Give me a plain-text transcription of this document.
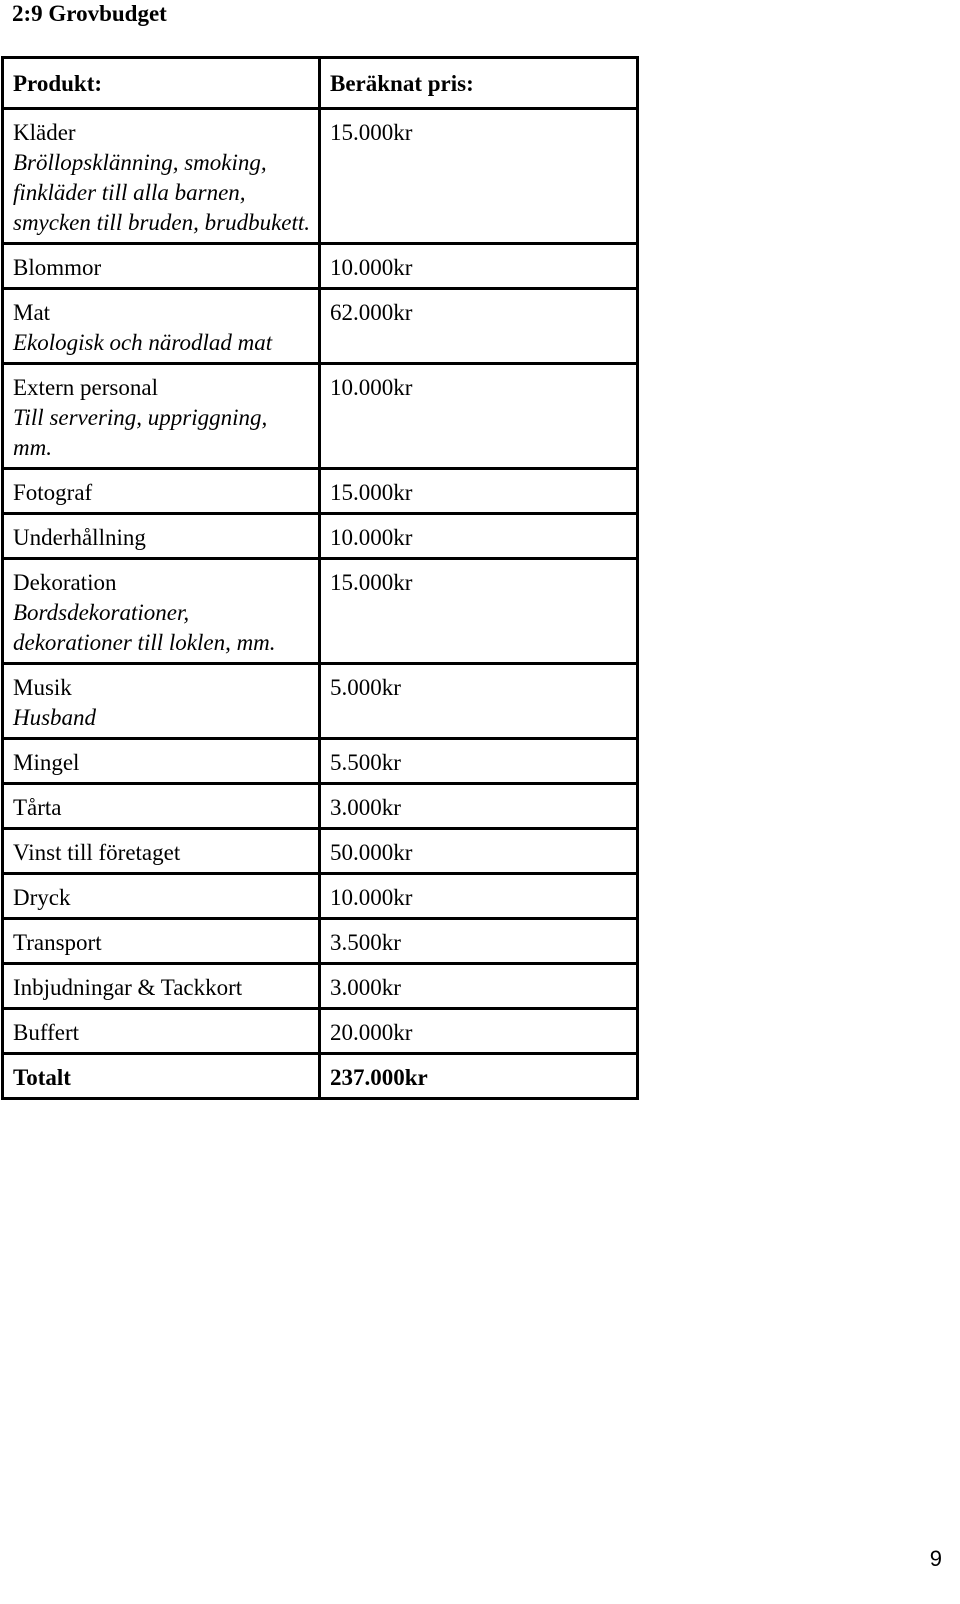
2:9 Grovbudget
Produkt:	Beräknat pris:

Kläder
Bröllopsklänning, smoking, finkläder till alla barnen, smycken till bruden, brudbukett.	15.000kr

Blommor	10.000kr

Mat
Ekologisk och närodlad mat	62.000kr

Extern personal
Till servering, uppriggning, mm.	10.000kr

Fotograf	15.000kr

Underhållning	10.000kr

Dekoration
Bordsdekorationer, dekorationer till loklen, mm.	15.000kr

Musik
Husband	5.000kr

Mingel	5.500kr

Tårta	3.000kr

Vinst till företaget	50.000kr

Dryck	10.000kr

Transport	3.500kr

Inbjudningar & Tackkort	3.000kr

Buffert	20.000kr
Totalt	237.000kr
9
